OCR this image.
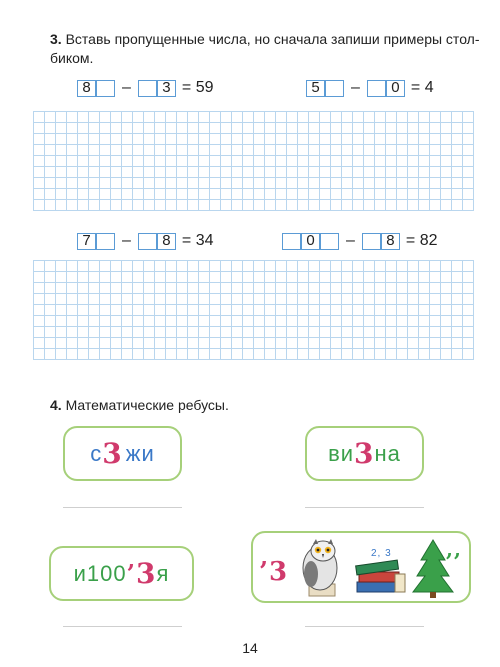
3. Вставь пропущенные числа, но сначала запиши примеры стол-
биком.
8	–	3 = 59	5	–	0 = 4
7	–	8 = 34	0	–	8 = 82
4. Математические ребусы.
с 3 жи	ви 3 на
и 100 ’ 3 я	’3
2, 3	,,
14
